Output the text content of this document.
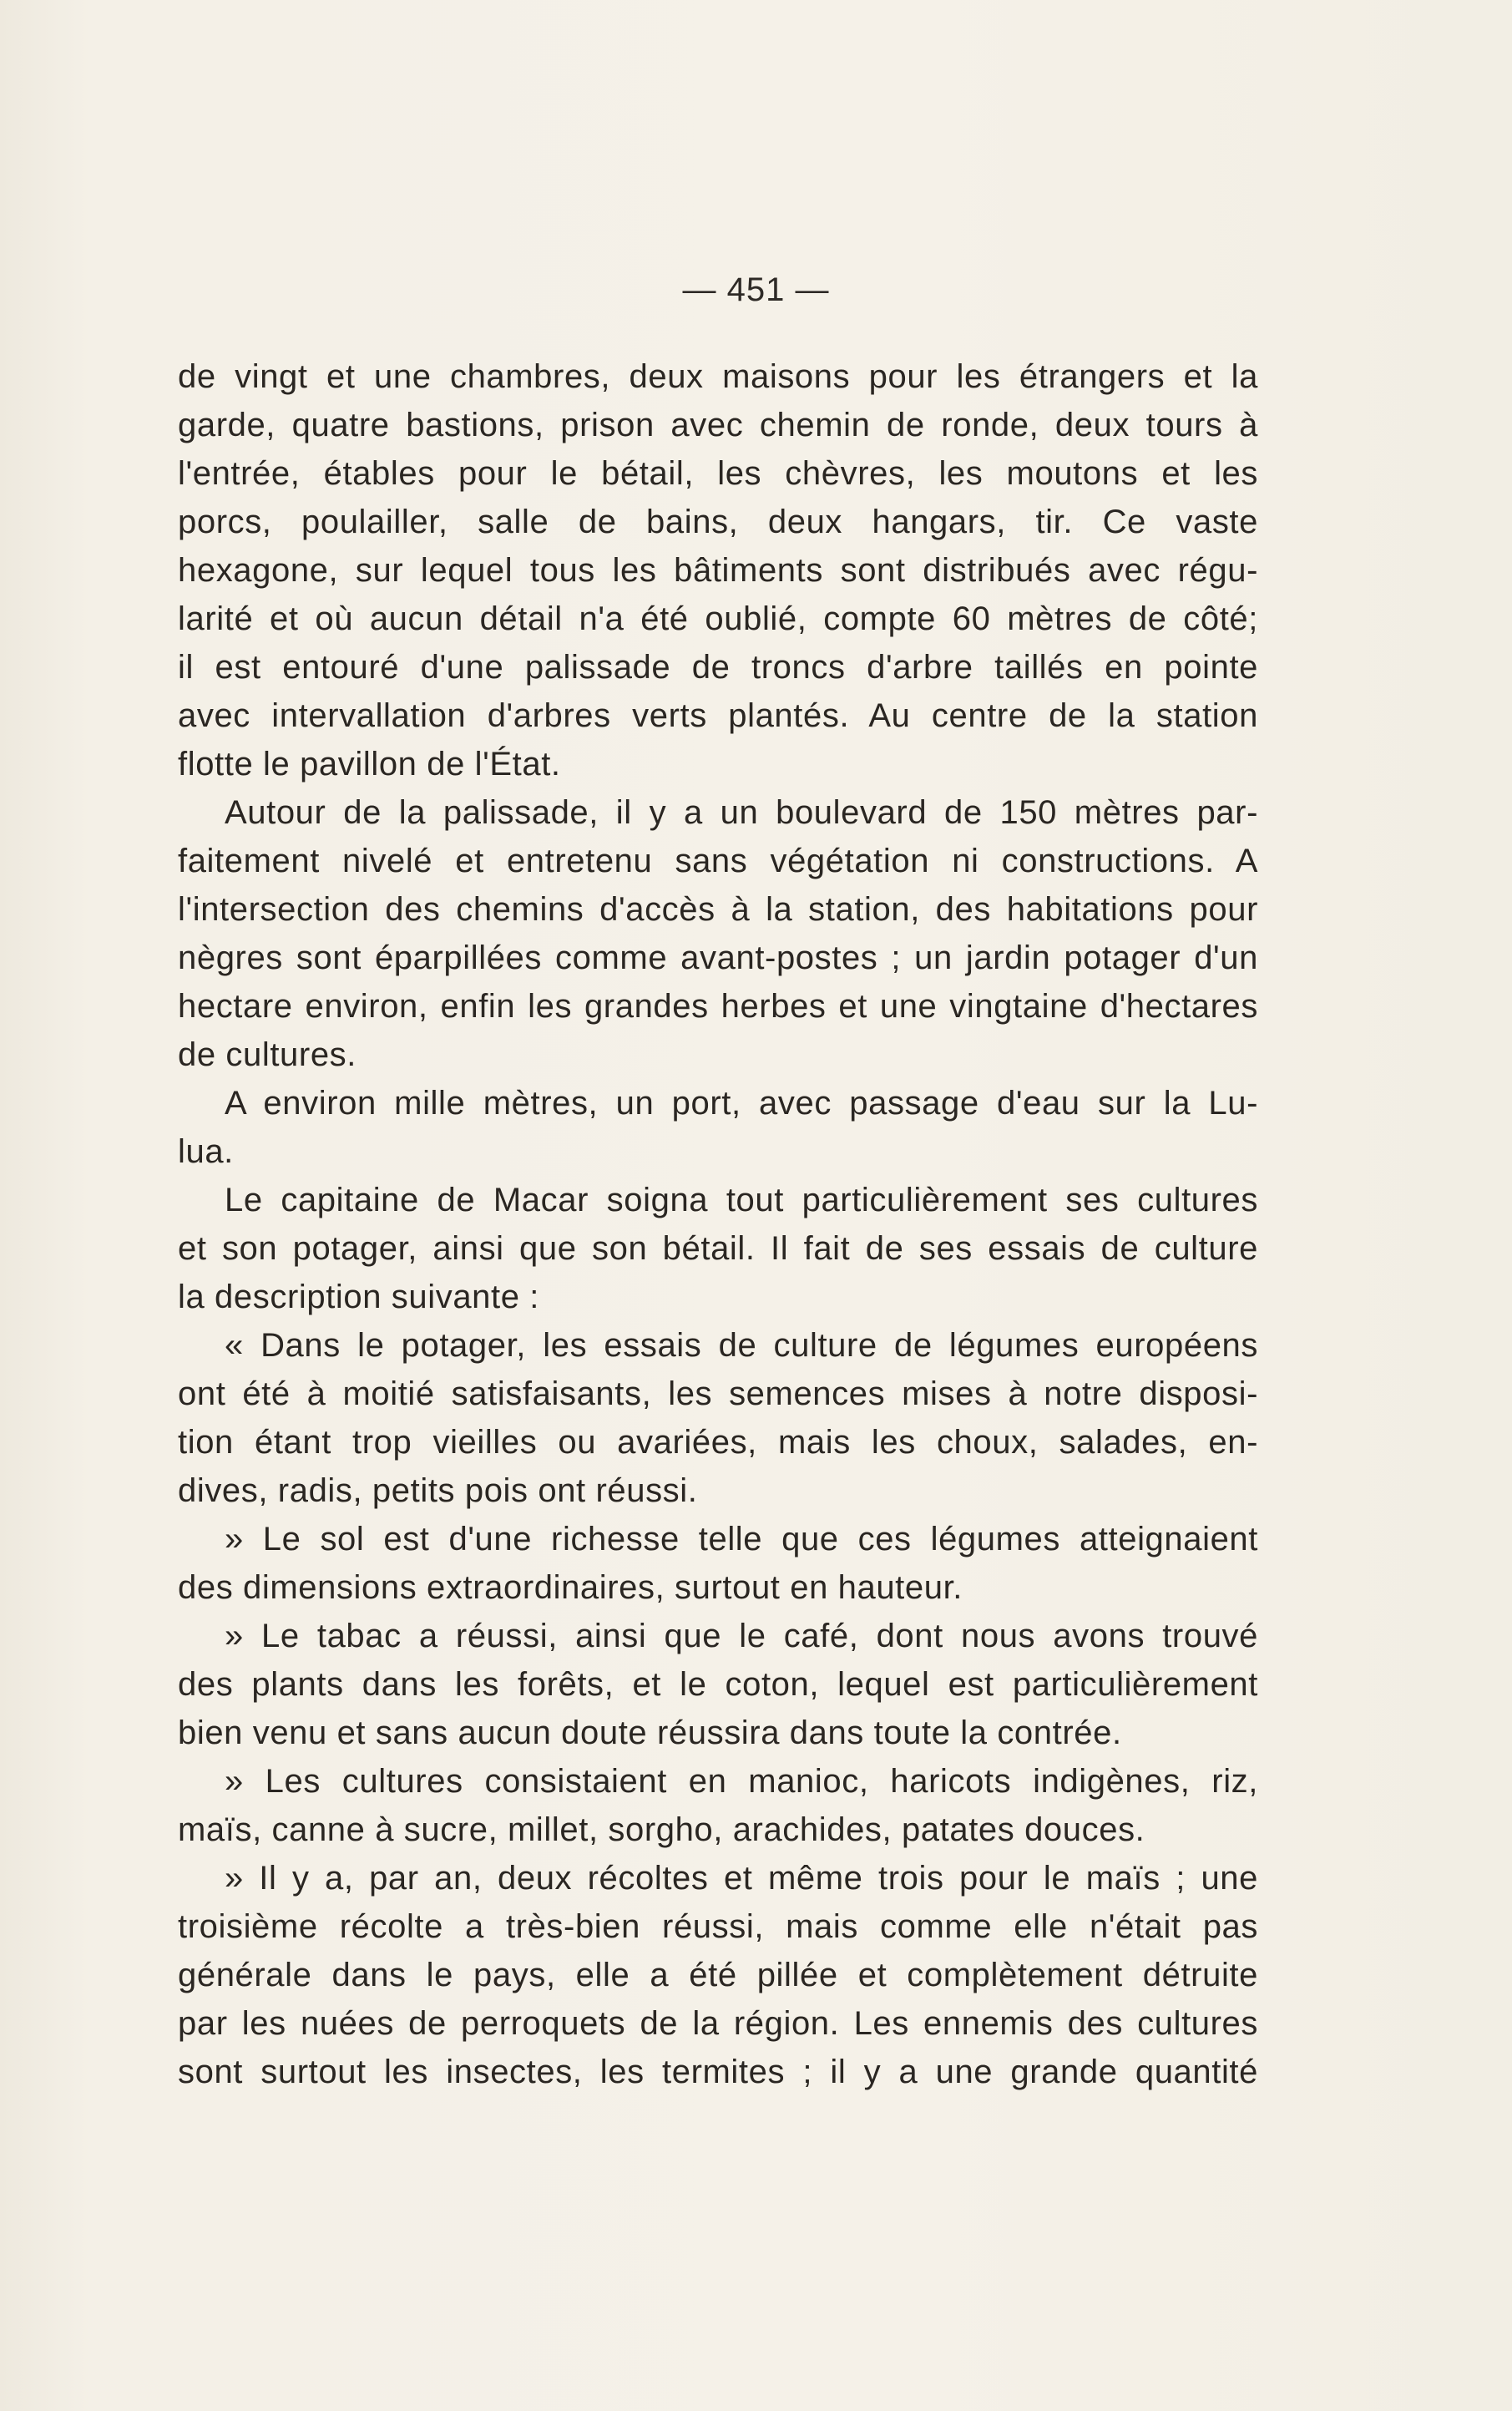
— 451 —
de vingt et une chambres, deux maisons pour les étrangers et la
garde, quatre bastions, prison avec chemin de ronde, deux tours à
l'entrée, étables pour le bétail, les chèvres, les moutons et les
porcs, poulailler, salle de bains, deux hangars, tir. Ce vaste
hexagone, sur lequel tous les bâtiments sont distribués avec régu-
larité et où aucun détail n'a été oublié, compte 60 mètres de côté;
il est entouré d'une palissade de troncs d'arbre taillés en pointe
avec intervallation d'arbres verts plantés. Au centre de la station
flotte le pavillon de l'État.
Autour de la palissade, il y a un boulevard de 150 mètres par-
faitement nivelé et entretenu sans végétation ni constructions. A
l'intersection des chemins d'accès à la station, des habitations pour
nègres sont éparpillées comme avant-postes ; un jardin potager d'un
hectare environ, enfin les grandes herbes et une vingtaine d'hectares
de cultures.
A environ mille mètres, un port, avec passage d'eau sur la Lu-
lua.
Le capitaine de Macar soigna tout particulièrement ses cultures
et son potager, ainsi que son bétail. Il fait de ses essais de culture
la description suivante :
« Dans le potager, les essais de culture de légumes européens
ont été à moitié satisfaisants, les semences mises à notre disposi-
tion étant trop vieilles ou avariées, mais les choux, salades, en-
dives, radis, petits pois ont réussi.
» Le sol est d'une richesse telle que ces légumes atteignaient
des dimensions extraordinaires, surtout en hauteur.
» Le tabac a réussi, ainsi que le café, dont nous avons trouvé
des plants dans les forêts, et le coton, lequel est particulièrement
bien venu et sans aucun doute réussira dans toute la contrée.
» Les cultures consistaient en manioc, haricots indigènes, riz,
maïs, canne à sucre, millet, sorgho, arachides, patates douces.
» Il y a, par an, deux récoltes et même trois pour le maïs ; une
troisième récolte a très-bien réussi, mais comme elle n'était pas
générale dans le pays, elle a été pillée et complètement détruite
par les nuées de perroquets de la région. Les ennemis des cultures
sont surtout les insectes, les termites ; il y a une grande quantité
